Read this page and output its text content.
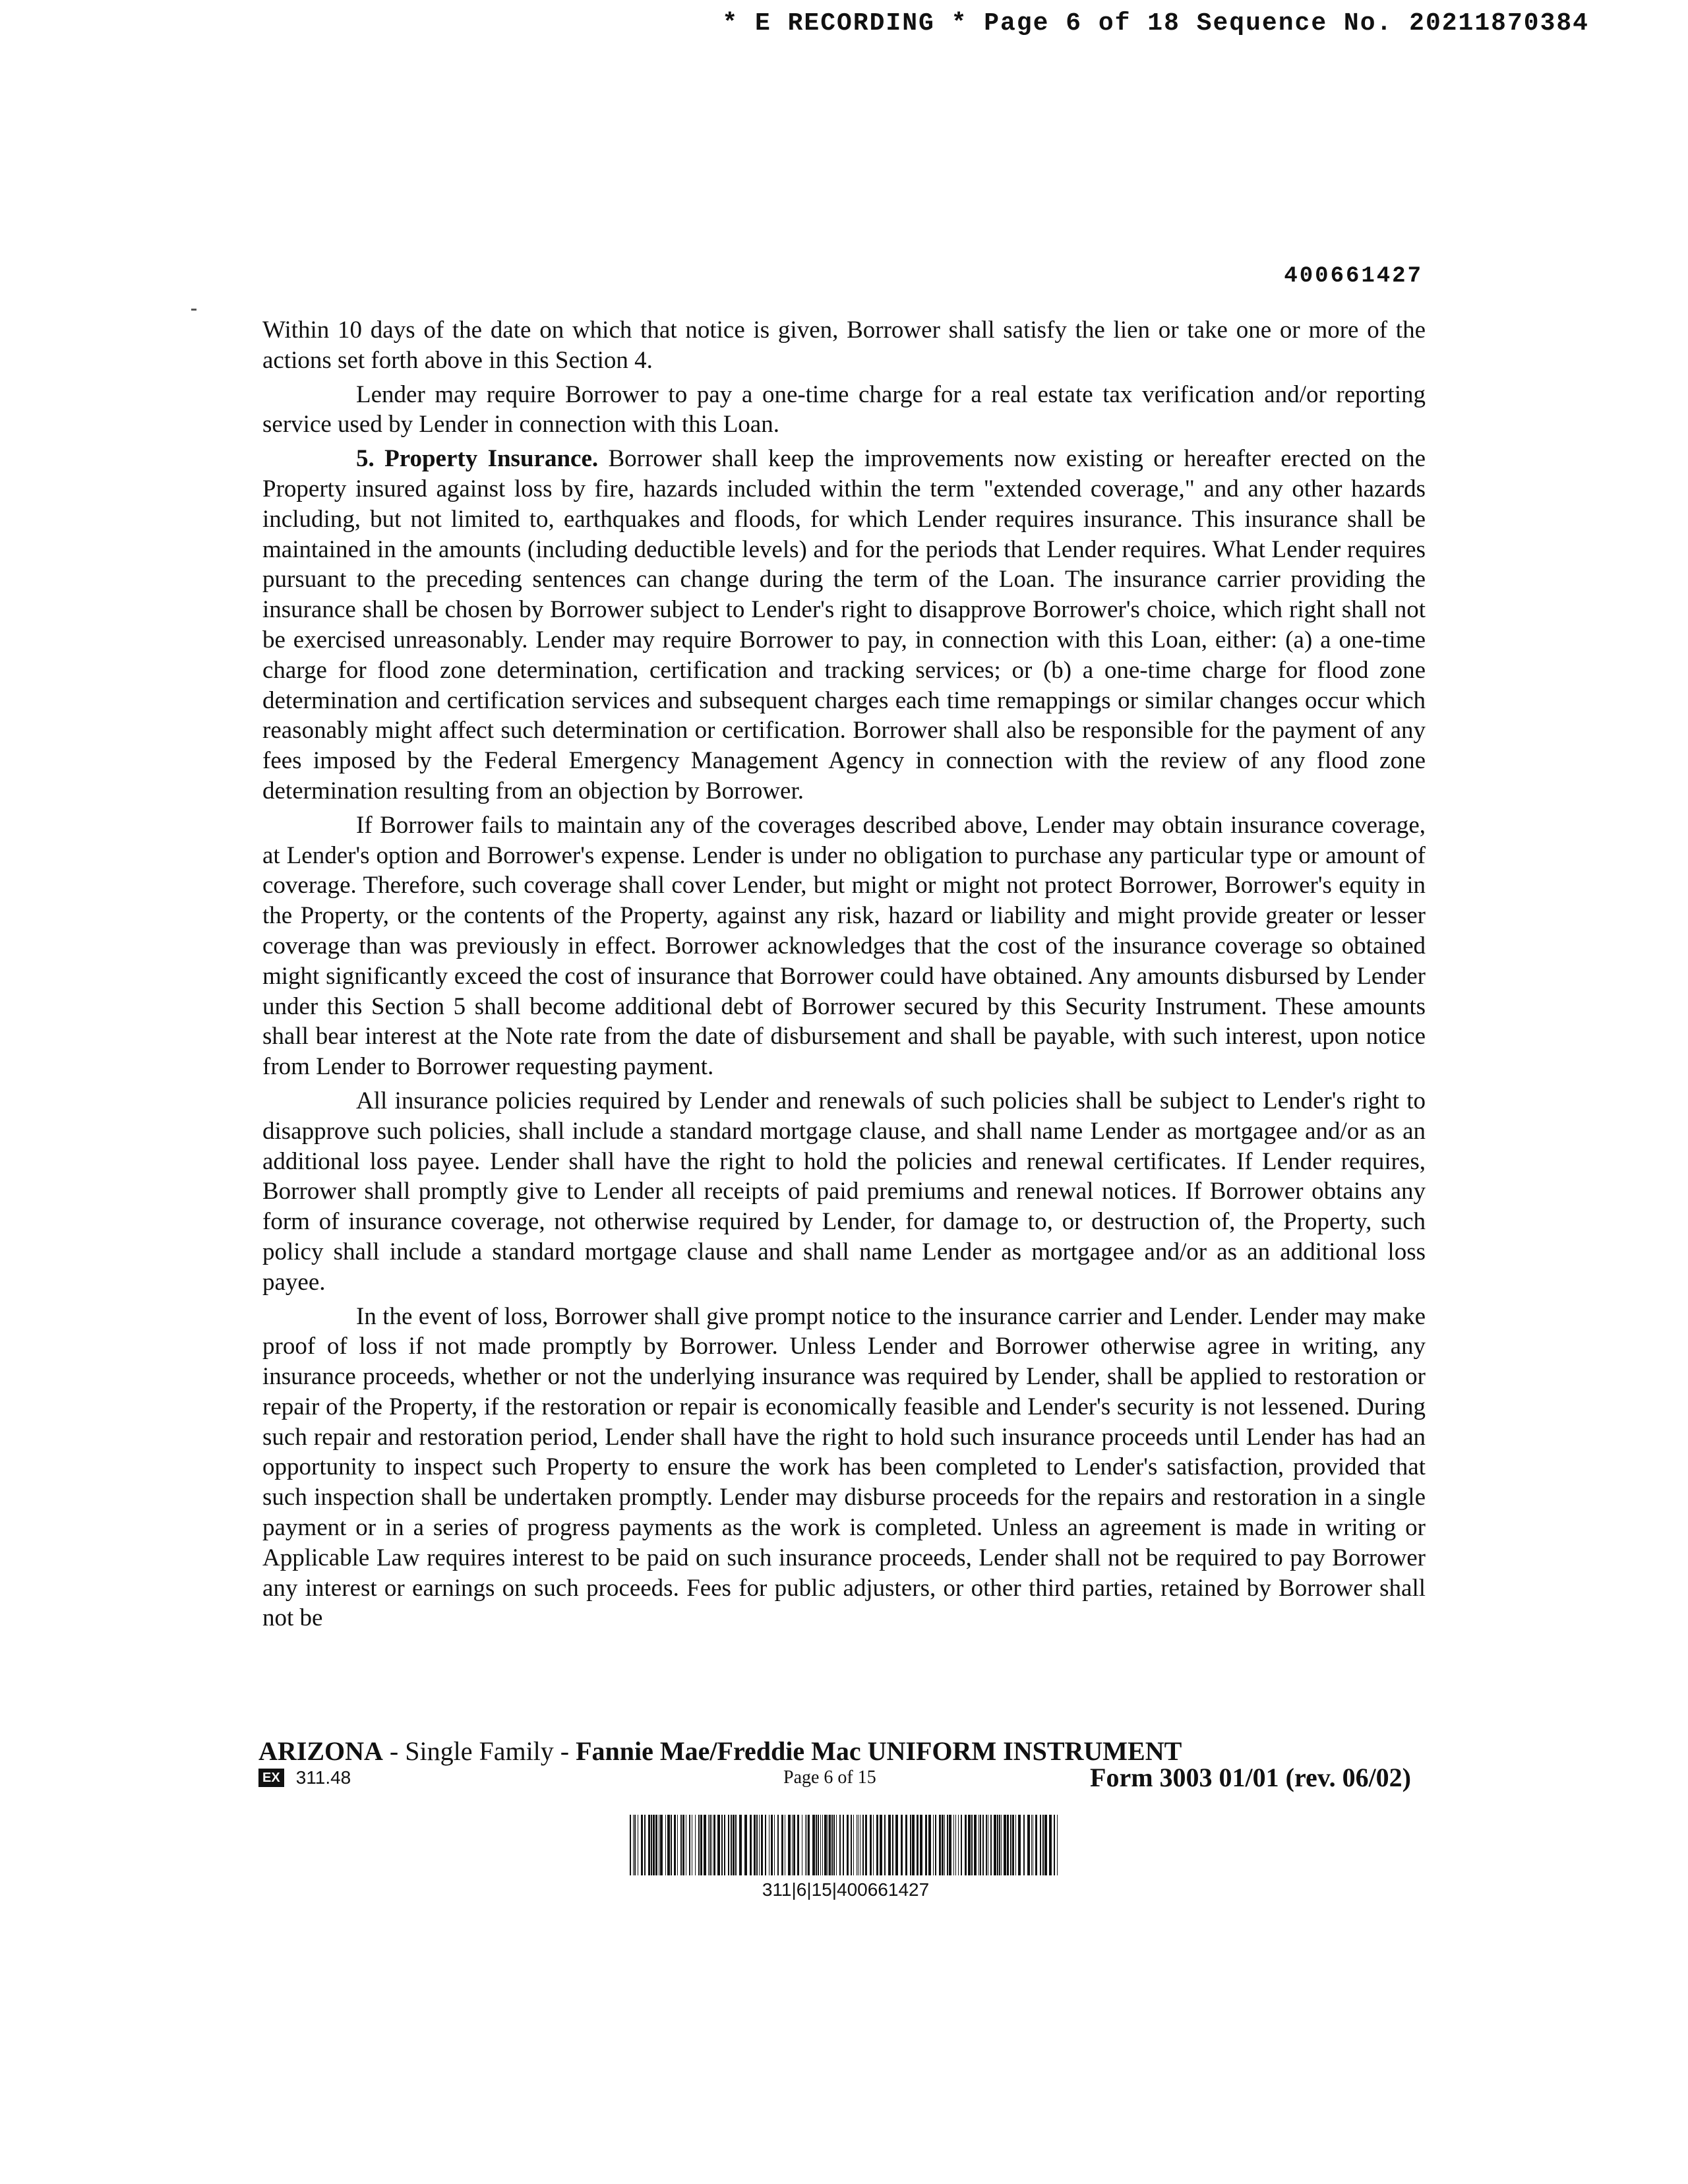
* E RECORDING * Page 6 of 18 Sequence No. 20211870384
400661427

Within 10 days of the date on which that notice is given, Borrower shall satisfy the lien or take one or more of the actions set forth above in this Section 4.

Lender may require Borrower to pay a one-time charge for a real estate tax verification and/or reporting service used by Lender in connection with this Loan.

5. Property Insurance. Borrower shall keep the improvements now existing or hereafter erected on the Property insured against loss by fire, hazards included within the term "extended coverage," and any other hazards including, but not limited to, earthquakes and floods, for which Lender requires insurance. This insurance shall be maintained in the amounts (including deductible levels) and for the periods that Lender requires. What Lender requires pursuant to the preceding sentences can change during the term of the Loan. The insurance carrier providing the insurance shall be chosen by Borrower subject to Lender's right to disapprove Borrower's choice, which right shall not be exercised unreasonably. Lender may require Borrower to pay, in connection with this Loan, either: (a) a one-time charge for flood zone determination, certification and tracking services; or (b) a one-time charge for flood zone determination and certification services and subsequent charges each time remappings or similar changes occur which reasonably might affect such determination or certification. Borrower shall also be responsible for the payment of any fees imposed by the Federal Emergency Management Agency in connection with the review of any flood zone determination resulting from an objection by Borrower.

If Borrower fails to maintain any of the coverages described above, Lender may obtain insurance coverage, at Lender's option and Borrower's expense. Lender is under no obligation to purchase any particular type or amount of coverage. Therefore, such coverage shall cover Lender, but might or might not protect Borrower, Borrower's equity in the Property, or the contents of the Property, against any risk, hazard or liability and might provide greater or lesser coverage than was previously in effect. Borrower acknowledges that the cost of the insurance coverage so obtained might significantly exceed the cost of insurance that Borrower could have obtained. Any amounts disbursed by Lender under this Section 5 shall become additional debt of Borrower secured by this Security Instrument. These amounts shall bear interest at the Note rate from the date of disbursement and shall be payable, with such interest, upon notice from Lender to Borrower requesting payment.

All insurance policies required by Lender and renewals of such policies shall be subject to Lender's right to disapprove such policies, shall include a standard mortgage clause, and shall name Lender as mortgagee and/or as an additional loss payee. Lender shall have the right to hold the policies and renewal certificates. If Lender requires, Borrower shall promptly give to Lender all receipts of paid premiums and renewal notices. If Borrower obtains any form of insurance coverage, not otherwise required by Lender, for damage to, or destruction of, the Property, such policy shall include a standard mortgage clause and shall name Lender as mortgagee and/or as an additional loss payee.

In the event of loss, Borrower shall give prompt notice to the insurance carrier and Lender. Lender may make proof of loss if not made promptly by Borrower. Unless Lender and Borrower otherwise agree in writing, any insurance proceeds, whether or not the underlying insurance was required by Lender, shall be applied to restoration or repair of the Property, if the restoration or repair is economically feasible and Lender's security is not lessened. During such repair and restoration period, Lender shall have the right to hold such insurance proceeds until Lender has had an opportunity to inspect such Property to ensure the work has been completed to Lender's satisfaction, provided that such inspection shall be undertaken promptly. Lender may disburse proceeds for the repairs and restoration in a single payment or in a series of progress payments as the work is completed. Unless an agreement is made in writing or Applicable Law requires interest to be paid on such insurance proceeds, Lender shall not be required to pay Borrower any interest or earnings on such proceeds. Fees for public adjusters, or other third parties, retained by Borrower shall not be

ARIZONA - Single Family - Fannie Mae/Freddie Mac UNIFORM INSTRUMENT
EX 311.48	Page 6 of 15	Form 3003 01/01 (rev. 06/02)
311|6|15|400661427
